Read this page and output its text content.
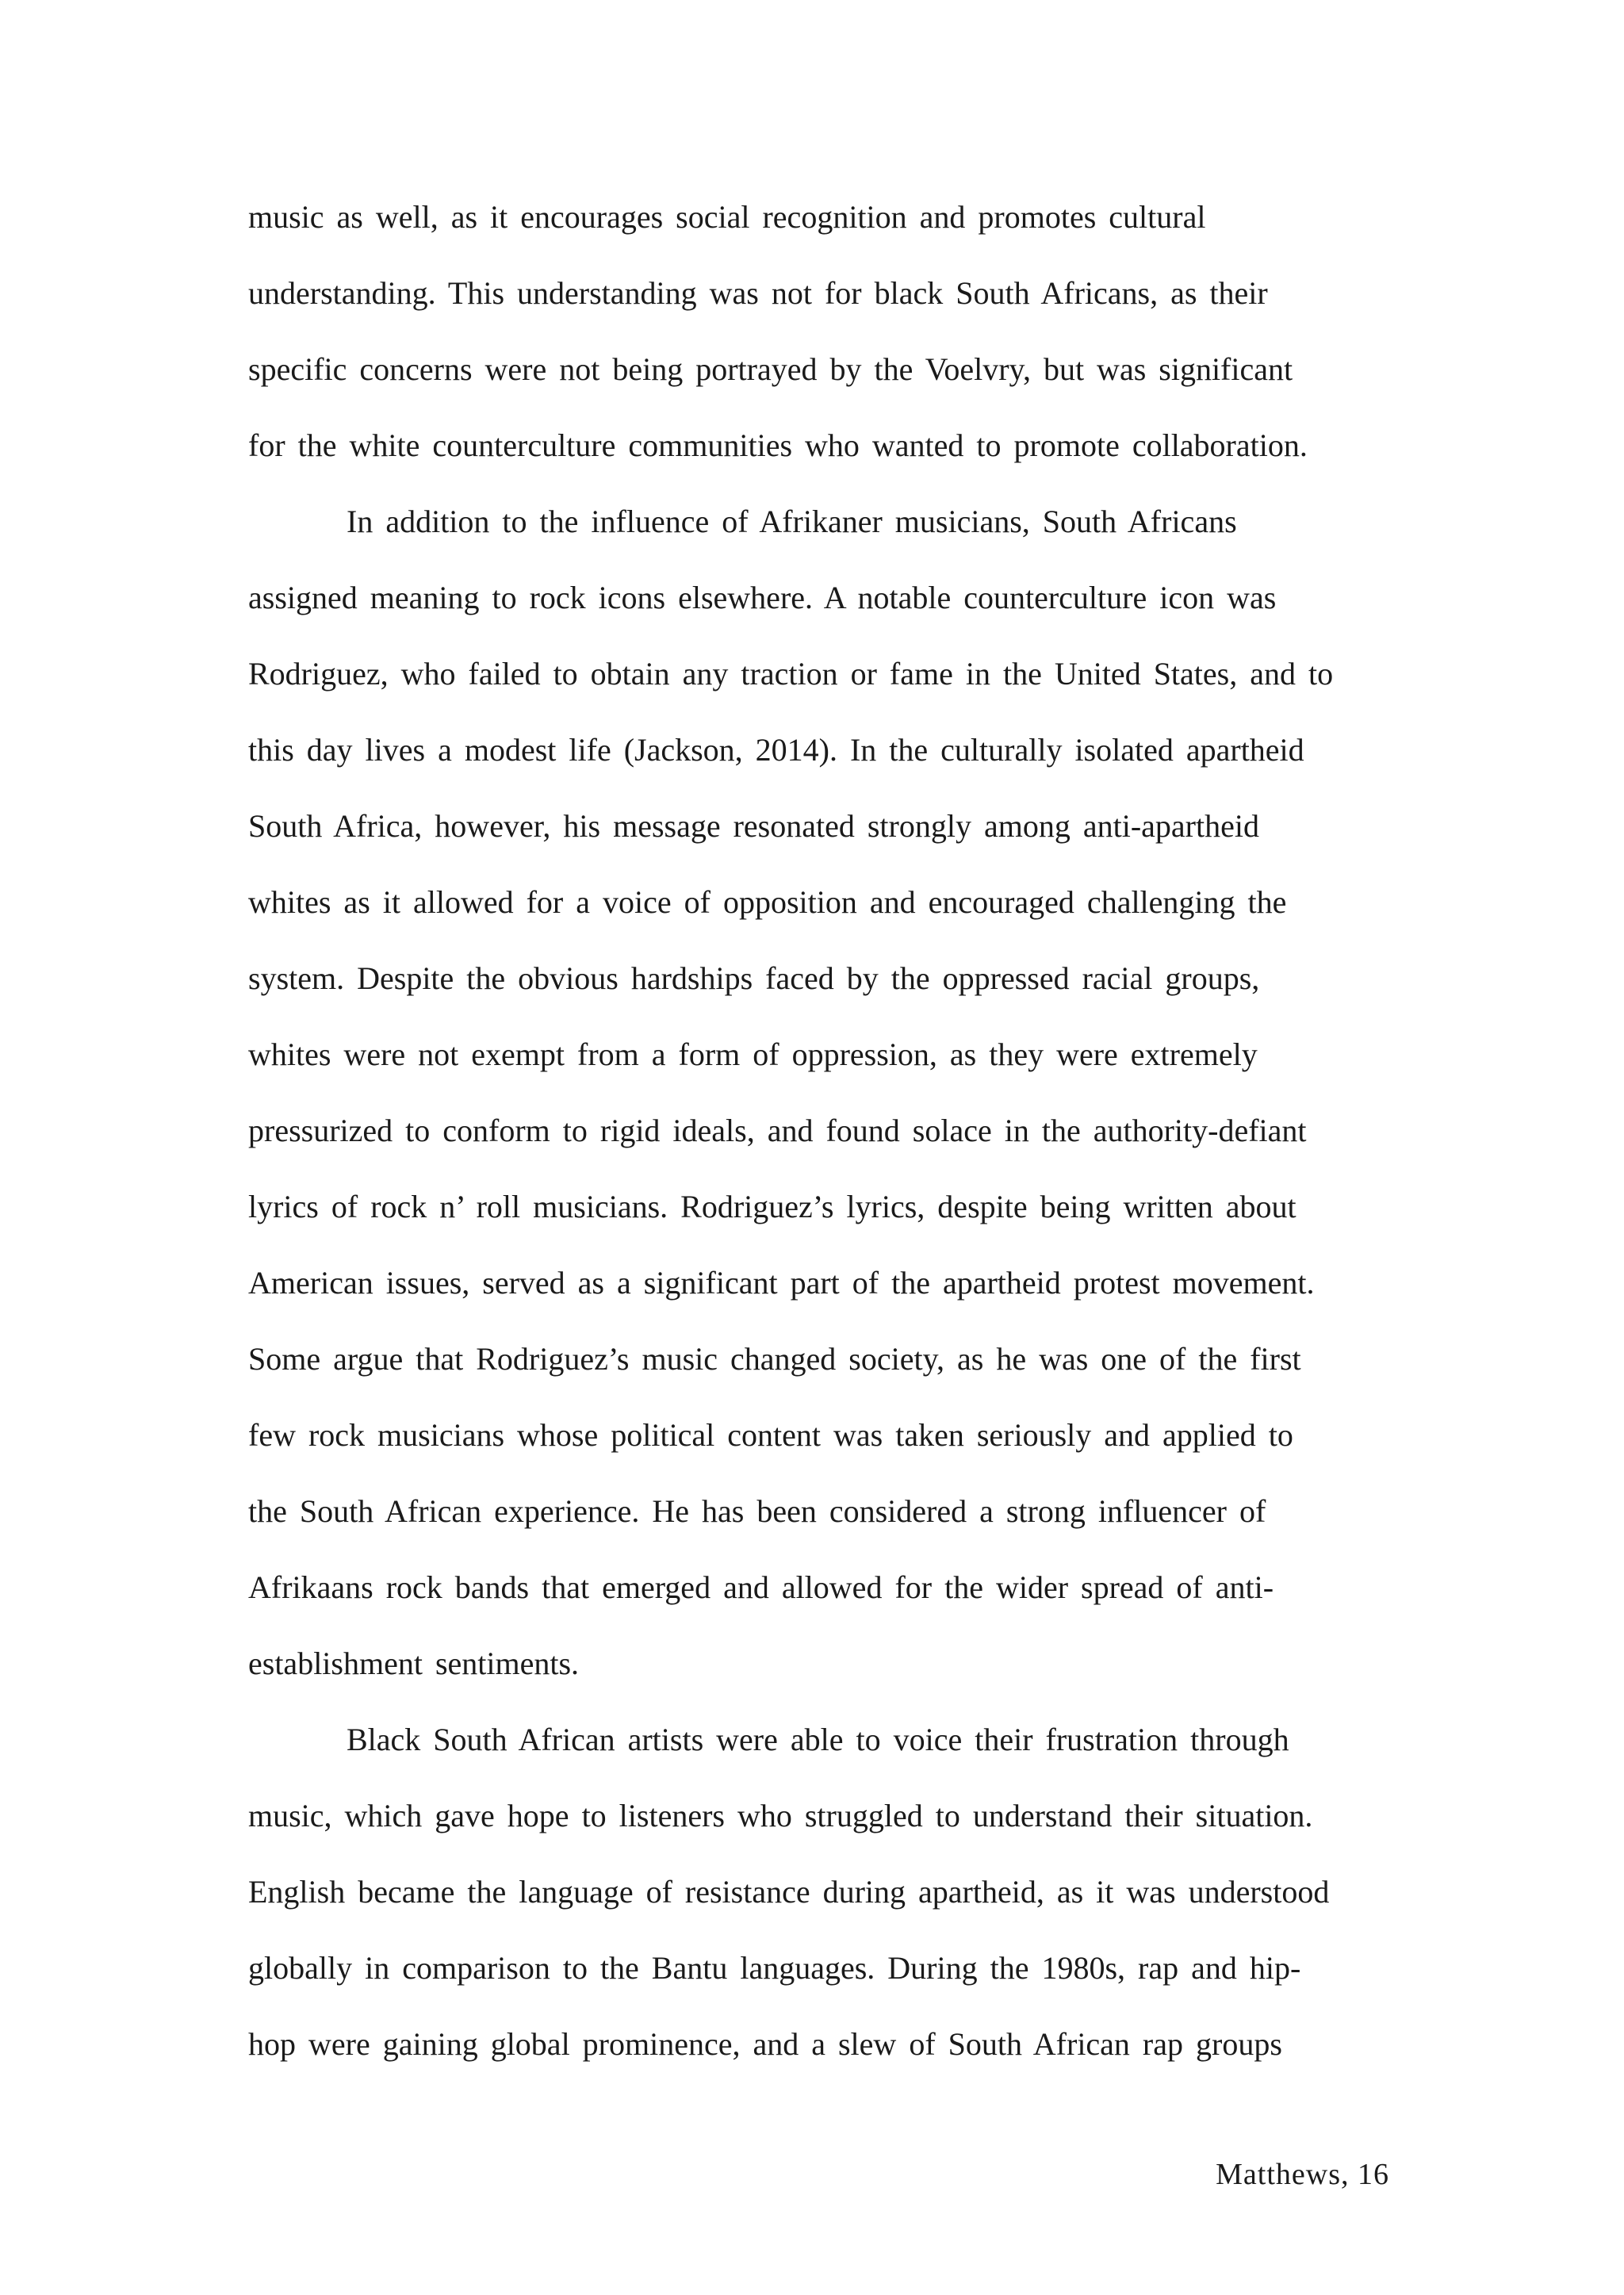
music as well, as it encourages social recognition and promotes cultural
understanding. This understanding was not for black South Africans, as their
specific concerns were not being portrayed by the Voelvry, but was significant
for the white counterculture communities who wanted to promote collaboration.
In addition to the influence of Afrikaner musicians, South Africans
assigned meaning to rock icons elsewhere. A notable counterculture icon was
Rodriguez, who failed to obtain any traction or fame in the United States, and to
this day lives a modest life (Jackson, 2014). In the culturally isolated apartheid
South Africa, however, his message resonated strongly among anti-apartheid
whites as it allowed for a voice of opposition and encouraged challenging the
system. Despite the obvious hardships faced by the oppressed racial groups,
whites were not exempt from a form of oppression, as they were extremely
pressurized to conform to rigid ideals, and found solace in the authority-defiant
lyrics of rock n’ roll musicians. Rodriguez’s lyrics, despite being written about
American issues, served as a significant part of the apartheid protest movement.
Some argue that Rodriguez’s music changed society, as he was one of the first
few rock musicians whose political content was taken seriously and applied to
the South African experience. He has been considered a strong influencer of
Afrikaans rock bands that emerged and allowed for the wider spread of anti-
establishment sentiments.
Black South African artists were able to voice their frustration through
music, which gave hope to listeners who struggled to understand their situation.
English became the language of resistance during apartheid, as it was understood
globally in comparison to the Bantu languages. During the 1980s, rap and hip-
hop were gaining global prominence, and a slew of South African rap groups
Matthews, 16
